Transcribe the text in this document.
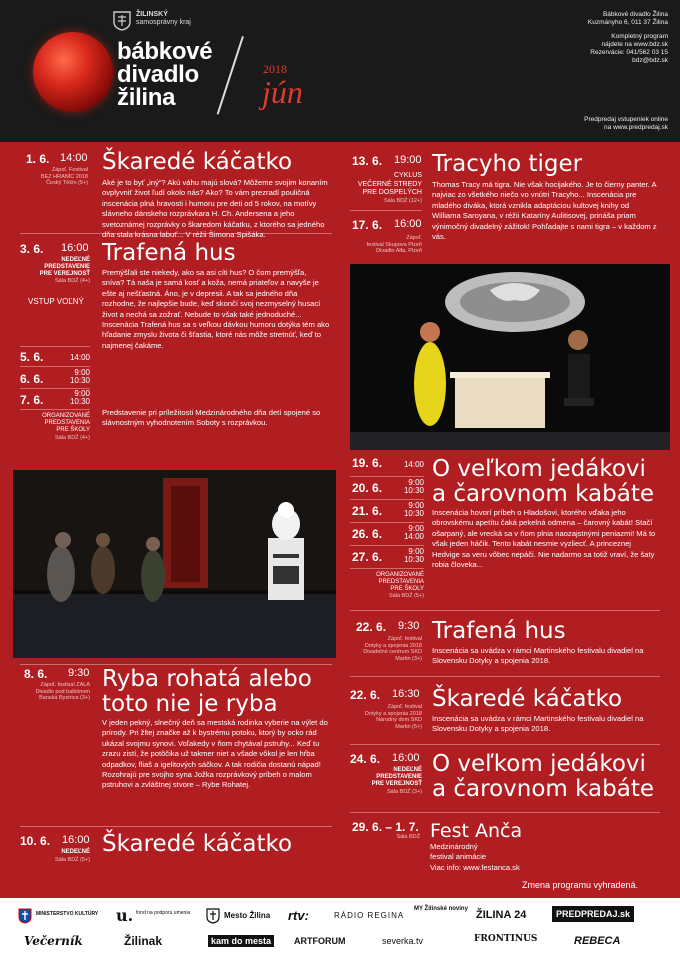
ŽILINSKÝ
samosprávny kraj
bábkové
divadlo
žilina
2018
jún
Bábkové divadlo Žilina
Kuzmányho 6, 011 37 Žilina
Kompletný program
nájdete na www.bdz.sk
Rezervácie: 041/562 03 15
bdz@bdz.sk
Predpredaj vstupeniek online
na www.predpredaj.sk
1. 6. 14:00
Zápoľ. Festival
BEZ HRANÍC 2018
Český Těšín (5+)
Škaredé káčatko
Aké je to byť „iný“? Akú váhu majú slová? Môžeme svojim konaním ovplyvniť život ľudí okolo nás? Ako? To vám prezradí pouličná inscenácia plná hravosti i humoru pre deti od 5 rokov, na motívy slávneho dánskeho rozprávkara H. Ch. Andersena a jeho svetoznámej rozprávky o škaredom káčatku, z ktorého sa jedného dňa stala krásna labuť... V réžii Šimona Spišáka.
3. 6. 16:00
NEDEĽNÉ
PREDSTAVENIE
PRE VEREJNOSŤ
Sála BDŽ (4+)
VSTUP VOĽNÝ
5. 6.	14:00
6. 6.	9:00
10:30
7. 6.	9:00
10:30
ORGANIZOVANÉ
PREDSTAVENIA
PRE ŠKOLY
Sála BDŽ (4+)
Trafená hus
Premýšľali ste niekedy, ako sa asi cíti hus? O čom premýšľa, sníva? Tá naša je samá kosť a koža, nemá priateľov a navyše je ešte aj nešťastná. Áno, je v depresii. A tak sa jedného dňa rozhodne, že najlepšie bude, keď skončí svoj nezmyselný husací život a nechá sa zožrať. Nebude to však také jednoduché... Inscenácia Trafená hus sa s veľkou dávkou humoru dotýka tém ako hľadanie zmyslu života či šťastia, ktoré nás môže stretnúť, keď to najmenej čakáme.
Predstavenie pri príležitosti Medzinárodného dňa detí spojené so slávnostným vyhodnotením Soboty s rozprávkou.
8. 6. 9:30
Zápoľ. festival ZALA
Divadlo pod balkónom
Banská Bystrica (3+)
Ryba rohatá alebo
toto nie je ryba
V jeden pekný, slnečný deň sa mestská rodinka vyberie na výlet do prírody. Pri žltej značke až k bystrému potoku, ktorý by ocko rád ukázal svojmu synovi. Voľakedy v ňom chytával pstruhy... Keď tu zrazu zistí, že potôčika už takmer niet a všade vôkol je len hŕba odpadkov, fliaš a igelitových sáčkov. A tak rodičia dostanú nápad! Rozohrajú pre svojho syna Jožka rozprávkový príbeh o malom pstruhovi a zvláštnej stvore – Rybe Rohatej.
10. 6. 16:00
NEDEĽNÉ
Sála BDŽ (5+)
Škaredé káčatko
13. 6. 19:00
CYKLUS
VEČERNÉ STREDY
PRE DOSPELÝCH
Sála BDŽ (12+)
17. 6. 16:00
Zápoľ.
festival Skupova Plzeň
Divadlo Alfa, Plzeň
Tracyho tiger
Thomas Tracy má tigra. Nie však hocijakého. Je to čierny panter. A najviac zo všetkého niečo vo vnútri Tracyho... Inscenácia pre mladého diváka, ktorá vznikla adaptáciou kultovej knihy od Williama Saroyana, v réžii Kataríny Aulitisovej, prináša priam výnimočný divadelný zážitok! Pohľadajte s nami tigra – v každom z vás.
19. 6.	14:00
20. 6.	9:00
10:30
21. 6.	9:00
10:30
26. 6.	9:00
14:00
27. 6.	9:00
10:30
ORGANIZOVANÉ
PREDSTAVENIA
PRE ŠKOLY
Sála BDŽ (5+)
O veľkom jedákovi
a čarovnom kabáte
Inscenácia hovorí príbeh o Hladošovi, ktorého vďaka jeho obrovskému apetítu čaká pekelná odmena – čarovný kabát! Stačí ošarpaný, ale vrecká sa v ňom plnia naozajstnými peniazmi! Má to však jeden háčik. Tento kabát nesmie vyzliecť. A princeznej Hedvige sa veru vôbec nepáči. Nie nadarmo sa totiž vraví, že šaty robia človeka...
22. 6. 9:30
Zápoľ. festival
Dotyky a spojenia 2018
Divadelné centrum SKD
Martin (3+)
Trafená hus
Inscenácia sa uvádza v rámci Martinského festivalu divadiel na Slovensku Dotyky a spojenia 2018.
22. 6. 16:30
Zápoľ. festival
Dotyky a spojenia 2018
Národný dom SKD
Martin (5+)
Škaredé káčatko
Inscenácia sa uvádza v rámci Martinského festivalu divadiel na Slovensku Dotyky a spojenia 2018.
24. 6. 16:00
NEDEĽNÉ
PREDSTAVENIE
PRE VEREJNOSŤ
Sála BDŽ (3+)
O veľkom jedákovi
a čarovnom kabáte
29. 6. – 1. 7.
Sála BDŽ Fest Anča
Medzinárodný
festival animácie
Viac info: www.festanca.sk
Zmena programu vyhradená.
MINISTERSTVO KULTÚRY u. fond na podporu umenia	Mesto Žilina rtv:	RÁDIO REGINA
MY Žilinské noviny ŽILINA 24	PREDPREDAJ.sk
Večerník	Žilinak	kam do mesta	ARTFORUM	severka.tv	FRONTINUS	REBECA
